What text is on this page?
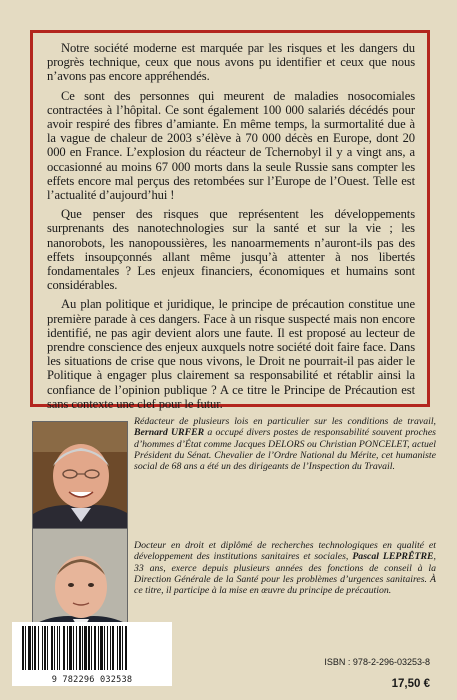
Notre société moderne est marquée par les risques et les dangers du progrès technique, ceux que nous avons pu identifier et ceux que nous n’avons pas encore appréhendés.

Ce sont des personnes qui meurent de maladies nosocomiales contractées à l’hôpital. Ce sont également 100 000 salariés décédés pour avoir respiré des fibres d’amiante. En même temps, la surmortalité due à la vague de chaleur de 2003 s’élève à 70 000 décès en Europe, dont 20 000 en France. L’explosion du réacteur de Tchernobyl il y a vingt ans, a occasionné au moins 67 000 morts dans la seule Russie sans compter les effets encore mal perçus des retombées sur l’Europe de l’Ouest. Telle est l’actualité d’aujourd’hui !

Que penser des risques que représentent les développements surprenants des nanotechnologies sur la santé et sur la vie ; les nanorobots, les nanopoussières, les nanoarmements n’auront-ils pas des effets insoupçonnés allant même jusqu’à attenter à nos libertés fondamentales ? Les enjeux financiers, économiques et humains sont considérables.

Au plan politique et juridique, le principe de précaution constitue une première parade à ces dangers. Face à un risque suspecté mais non encore identifié, ne pas agir devient alors une faute. Il est proposé au lecteur de prendre conscience des enjeux auxquels notre société doit faire face. Dans les situations de crise que nous vivons, le Droit ne pourrait-il pas aider le Politique à engager plus clairement sa responsabilité et rétablir ainsi la confiance de l’opinion publique ? A ce titre le Principe de Précaution est sans contexte une clef pour le futur.

Rédacteur de plusieurs lois en particulier sur les conditions de travail, Bernard URFER a occupé divers postes de responsabilité souvent proches d’hommes d’État comme Jacques DELORS ou Christian PONCELET, actuel Président du Sénat. Chevalier de l’Ordre National du Mérite, cet humaniste social de 68 ans a été un des dirigeants de l’Inspection du Travail.
Docteur en droit et diplômé de recherches technologiques en qualité et développement des institutions sanitaires et sociales, Pascal LEPRÊTRE, 33 ans, exerce depuis plusieurs années des fonctions de conseil à la Direction Générale de la Santé pour les problèmes d’urgences sanitaires. À ce titre, il participe à la mise en œuvre du principe de précaution.
9 782296 032538
ISBN : 978-2-296-03253-8
17,50 €
